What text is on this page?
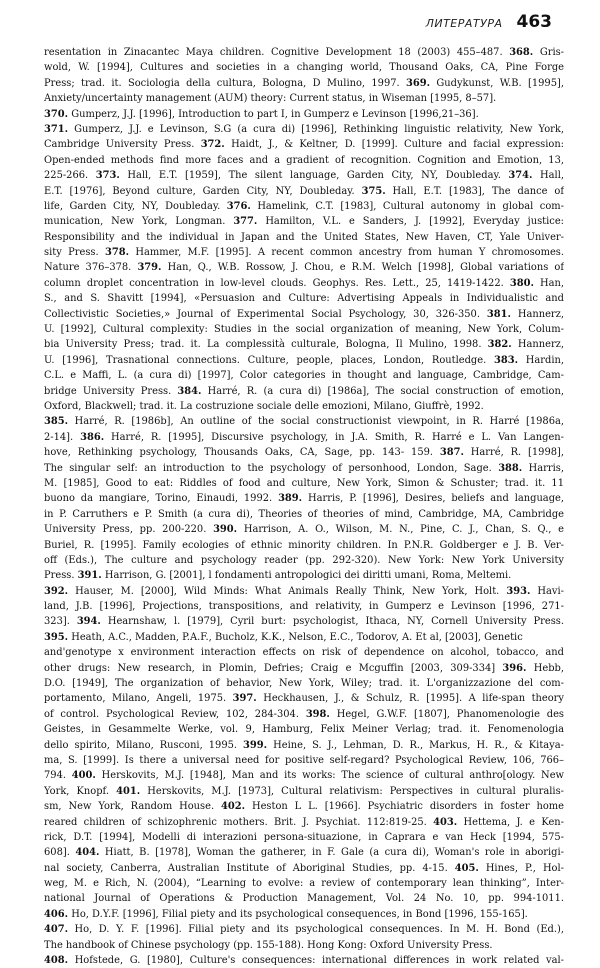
ЛИТЕРАТУРА 463
resentation in Zinacantec Maya children. Cognitive Development 18 (2003) 455–487. 368. Gris-
wold, W. [1994], Cultures and societies in a changing world, Thousand Oaks, CA, Pine Forge
Press; trad. it. Sociologia della cultura, Bologna, D Mulino, 1997. 369. Gudykunst, W.B. [1995],
Anxiety/uncertainty management (AUM) theory: Current status, in Wiseman [1995, 8–57].
370. Gumperz, J.J. [1996], Introduction to part I, in Gumperz e Levinson [1996,21–36].
371. Gumperz, J.J. e Levinson, S.G (a cura di) [1996], Rethinking linguistic relativity, New York,
Cambridge University Press. 372. Haidt, J., & Keltner, D. [1999]. Culture and facial expression:
Open-ended methods find more faces and a gradient of recognition. Cognition and Emotion, 13,
225-266. 373. Hall, E.T. [1959], The silent language, Garden City, NY, Doubleday. 374. Hall,
E.T. [1976], Beyond culture, Garden City, NY, Doubleday. 375. Hall, E.T. [1983], The dance of
life, Garden City, NY, Doubleday. 376. Hamelink, C.T. [1983], Cultural autonomy in global com-
munication, New York, Longman. 377. Hamilton, V.L. e Sanders, J. [1992], Everyday justice:
Responsibility and the individual in Japan and the United States, New Haven, CT, Yale Univer-
sity Press. 378. Hammer, M.F. [1995]. A recent common ancestry from human Y chromosomes.
Nature 376–378. 379. Han, Q., W.B. Rossow, J. Chou, e R.M. Welch [1998], Global variations of
column droplet concentration in low-level clouds. Geophys. Res. Lett., 25, 1419-1422. 380. Han,
S., and S. Shavitt [1994], «Persuasion and Culture: Advertising Appeals in Individualistic and
Collectivistic Societies,» Journal of Experimental Social Psychology, 30, 326-350. 381. Hannerz,
U. [1992], Cultural complexity: Studies in the social organization of meaning, New York, Colum-
bia University Press; trad. it. La complessità culturale, Bologna, Il Mulino, 1998. 382. Hannerz,
U. [1996], Trasnational connections. Culture, people, places, London, Routledge. 383. Hardin,
C.L. e Maffi, L. (a cura di) [1997], Color categories in thought and language, Cambridge, Cam-
bridge University Press. 384. Harré, R. (a cura di) [1986a], The social construction of emotion,
Oxford, Blackwell; trad. it. La costruzione sociale delle emozioni, Milano, Giuffrè, 1992.
385. Harré, R. [1986b], An outline of the social constructionist viewpoint, in R. Harré [1986a,
2-14]. 386. Harré, R. [1995], Discursive psychology, in J.A. Smith, R. Harré e L. Van Langen-
hove, Rethinking psychology, Thousands Oaks, CA, Sage, pp. 143- 159. 387. Harré, R. [1998],
The singular self: an introduction to the psychology of personhood, London, Sage. 388. Harris,
M. [1985], Good to eat: Riddles of food and culture, New York, Simon & Schuster; trad. it. 11
buono da mangiare, Torino, Einaudi, 1992. 389. Harris, P. [1996], Desires, beliefs and language,
in P. Carruthers e P. Smith (a cura di), Theories of theories of mind, Cambridge, MA, Cambridge
University Press, pp. 200-220. 390. Harrison, A. O., Wilson, M. N., Pine, C. J., Chan, S. Q., e
Buriel, R. [1995]. Family ecologies of ethnic minority children. In P.N.R. Goldberger e J. B. Ver-
off (Eds.), The culture and psychology reader (pp. 292-320). New York: New York University
Press. 391. Harrison, G. [2001], l fondamenti antropologici dei diritti umani, Roma, Meltemi.
392. Hauser, M. [2000], Wild Minds: What Animals Really Think, New York, Holt. 393. Havi-
land, J.B. [1996], Projections, transpositions, and relativity, in Gumperz e Levinson [1996, 271-
323]. 394. Hearnshaw, l. [1979], Cyril burt: psychologist, Ithaca, NY, Cornell University Press.
395. Heath, A.C., Madden, P.A.F., Bucholz, K.K., Nelson, E.C., Todorov, A. Et al, [2003], Genetic
and'genotype x environment interaction effects on risk of dependence on alcohol, tobacco, and
other drugs: New research, in Plomin, Defries; Craig e Mcguffin [2003, 309-334] 396. Hebb,
D.O. [1949], The organization of behavior, New York, Wiley; trad. it. L'organizzazione del com-
portamento, Milano, Angeli, 1975. 397. Heckhausen, J., & Schulz, R. [1995]. A life-span theory
of control. Psychological Review, 102, 284-304. 398. Hegel, G.W.F. [1807], Phanomenologie des
Geistes, in Gesammelte Werke, vol. 9, Hamburg, Felix Meiner Verlag; trad. it. Fenomenologia
dello spirito, Milano, Rusconi, 1995. 399. Heine, S. J., Lehman, D. R., Markus, H. R., & Kitaya-
ma, S. [1999]. Is there a universal need for positive self-regard? Psychological Review, 106, 766–
794. 400. Herskovits, M.J. [1948], Man and its works: The science of cultural anthro[ology. New
York, Knopf. 401. Herskovits, M.J. [1973], Cultural relativism: Perspectives in cultural pluralis-
sm, New York, Random House. 402. Heston L L. [1966]. Psychiatric disorders in foster home
reared children of schizophrenic mothers. Brit. J. Psychiat. 112:819-25. 403. Hettema, J. e Ken-
rick, D.T. [1994], Modelli di interazioni persona-situazione, in Caprara e van Heck [1994, 575-
608]. 404. Hiatt, B. [1978], Woman the gatherer, in F. Gale (a cura di), Woman's role in aborigi-
nal society, Canberra, Australian Institute of Aboriginal Studies, pp. 4-15. 405. Hines, P., Hol-
weg, M. e Rich, N. (2004), “Learning to evolve: a review of contemporary lean thinking”, Inter-
national Journal of Operations & Production Management, Vol. 24 No. 10, pp. 994-1011.
406. Ho, D.Y.F. [1996], Filial piety and its psychological consequences, in Bond [1996, 155-165].
407. Ho, D. Y. F. [1996]. Filial piety and its psychological consequences. In M. H. Bond (Ed.),
The handbook of Chinese psychology (pp. 155-188). Hong Kong: Oxford University Press.
408. Hofstede, G. [1980], Culture's consequences: international differences in work related val-
